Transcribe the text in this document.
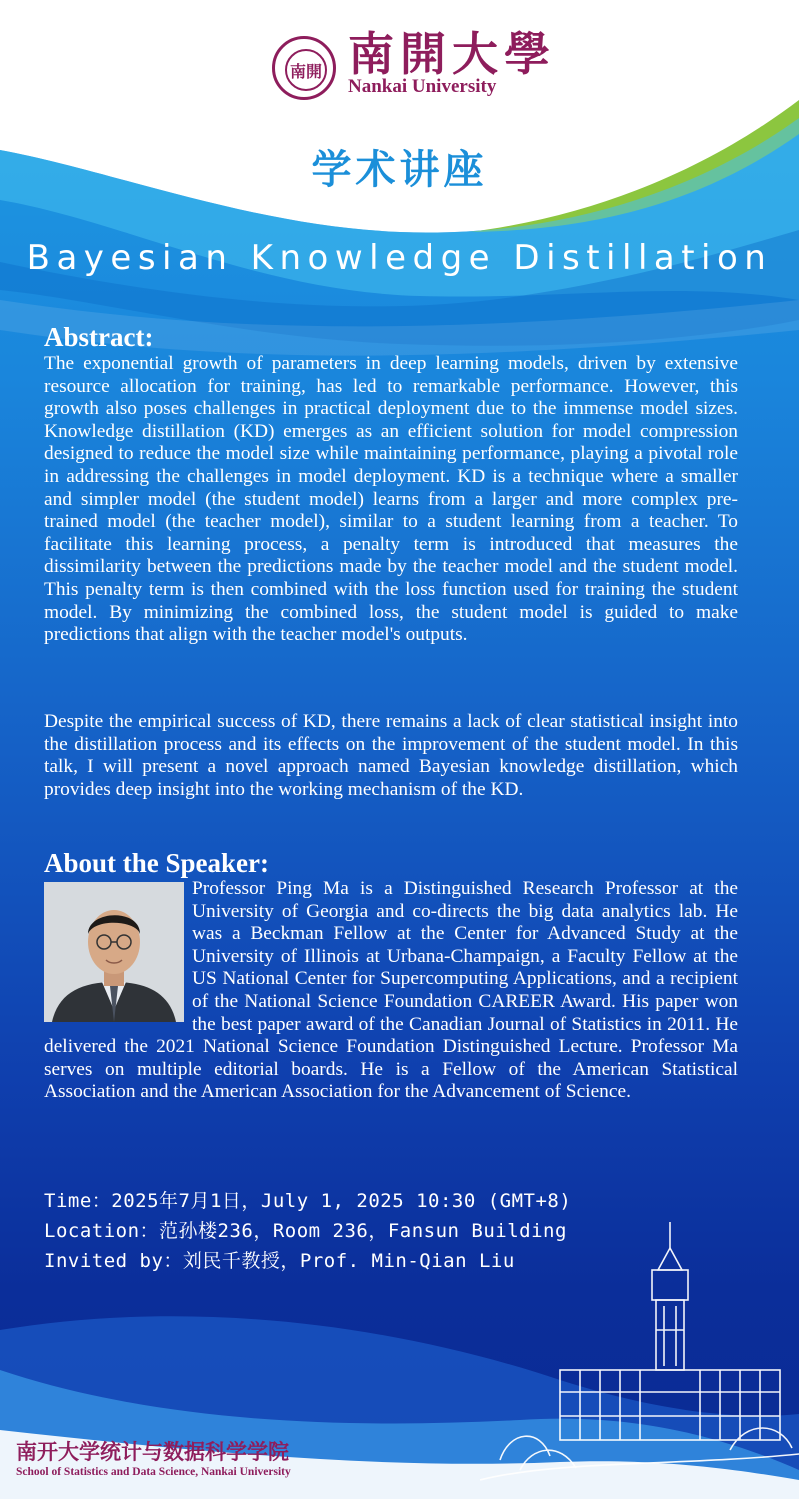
南開 南開大學
Nankai University
学术讲座
Bayesian Knowledge Distillation
Abstract:

The exponential growth of parameters in deep learning models, driven by extensive resource allocation for training, has led to remarkable performance. However, this growth also poses challenges in practical deployment due to the immense model sizes. Knowledge distillation (KD) emerges as an efficient solution for model compression designed to reduce the model size while maintaining performance, playing a pivotal role in addressing the challenges in model deployment. KD is a technique where a smaller and simpler model (the student model) learns from a larger and more complex pre-trained model (the teacher model), similar to a student learning from a teacher. To facilitate this learning process, a penalty term is introduced that measures the dissimilarity between the predictions made by the teacher model and the student model. This penalty term is then combined with the loss function used for training the student model. By minimizing the combined loss, the student model is guided to make predictions that align with the teacher model's outputs.

Despite the empirical success of KD, there remains a lack of clear statistical insight into the distillation process and its effects on the improvement of the student model. In this talk, I will present a novel approach named Bayesian knowledge distillation, which provides deep insight into the working mechanism of the KD.

About the Speaker:

Professor Ping Ma is a Distinguished Research Professor at the University of Georgia and co-directs the big data analytics lab. He was a Beckman Fellow at the Center for Advanced Study at the University of Illinois at Urbana-Champaign, a Faculty Fellow at the US National Center for Supercomputing Applications, and a recipient of the National Science Foundation CAREER Award. His paper won the best paper award of the Canadian Journal of Statistics in 2011. He delivered the 2021 National Science Foundation Distinguished Lecture. Professor Ma serves on multiple editorial boards. He is a Fellow of the American Statistical Association and the American Association for the Advancement of Science.

Time：2025年7月1日，July 1, 2025 10:30 (GMT+8)
Location：范孙楼236，Room 236，Fansun Building
Invited by：刘民千教授，Prof. Min-Qian Liu
南开大学统计与数据科学学院
School of Statistics and Data Science, Nankai University
